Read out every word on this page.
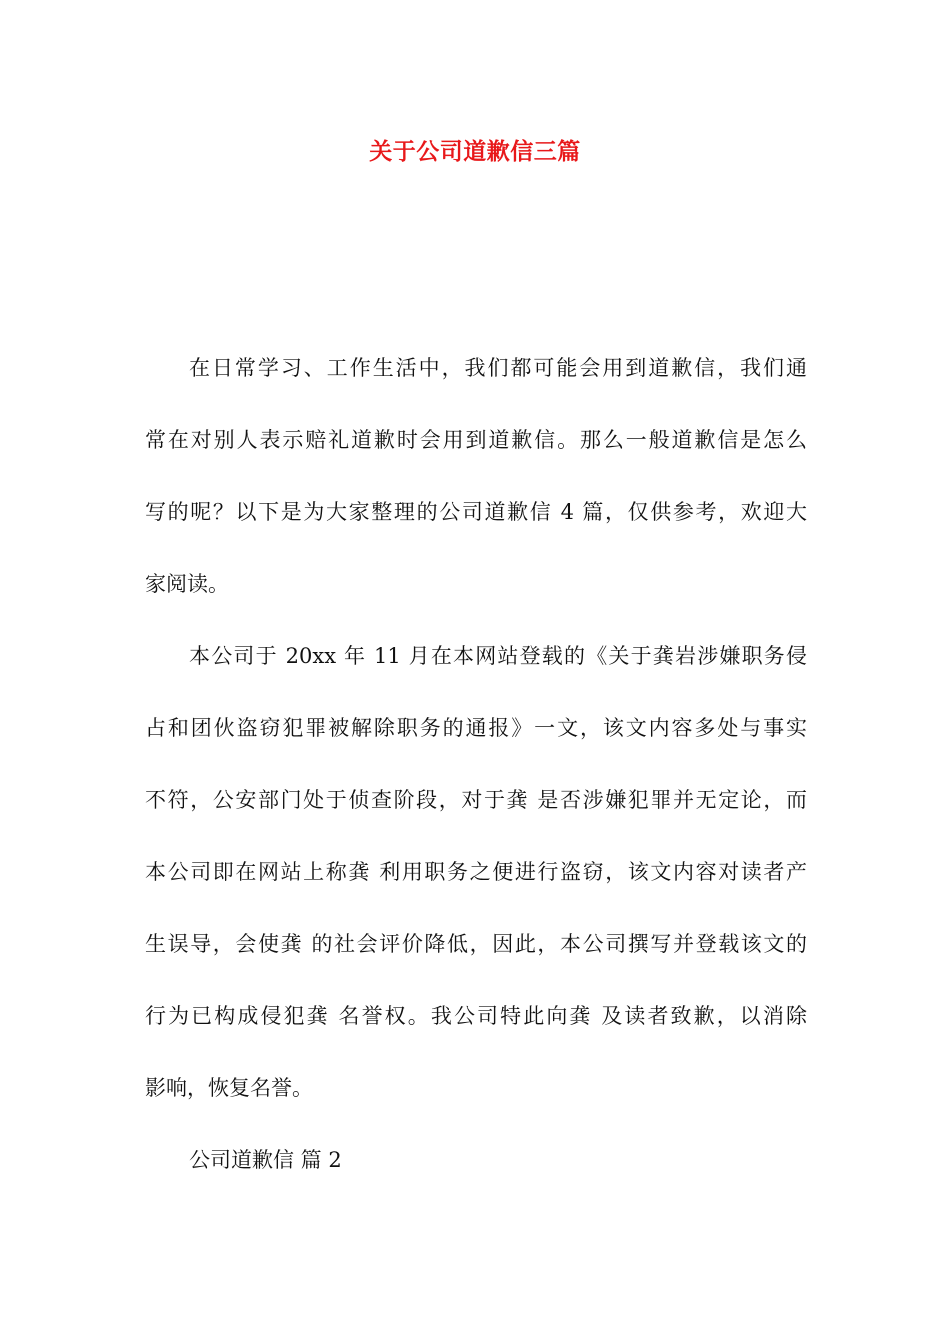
关于公司道歉信三篇
在日常学习、工作生活中，我们都可能会用到道歉信，我们通
常在对别人表示赔礼道歉时会用到道歉信。那么一般道歉信是怎么
写的呢？以下是为大家整理的公司道歉信 4 篇，仅供参考，欢迎大
家阅读。
本公司于 20xx 年 11 月在本网站登载的《关于龚岩涉嫌职务侵
占和团伙盗窃犯罪被解除职务的通报》一文，该文内容多处与事实
不符，公安部门处于侦查阶段，对于龚 是否涉嫌犯罪并无定论，而
本公司即在网站上称龚 利用职务之便进行盗窃，该文内容对读者产
生误导，会使龚 的社会评价降低，因此，本公司撰写并登载该文的
行为已构成侵犯龚 名誉权。我公司特此向龚 及读者致歉，以消除
影响，恢复名誉。
公司道歉信 篇 2
